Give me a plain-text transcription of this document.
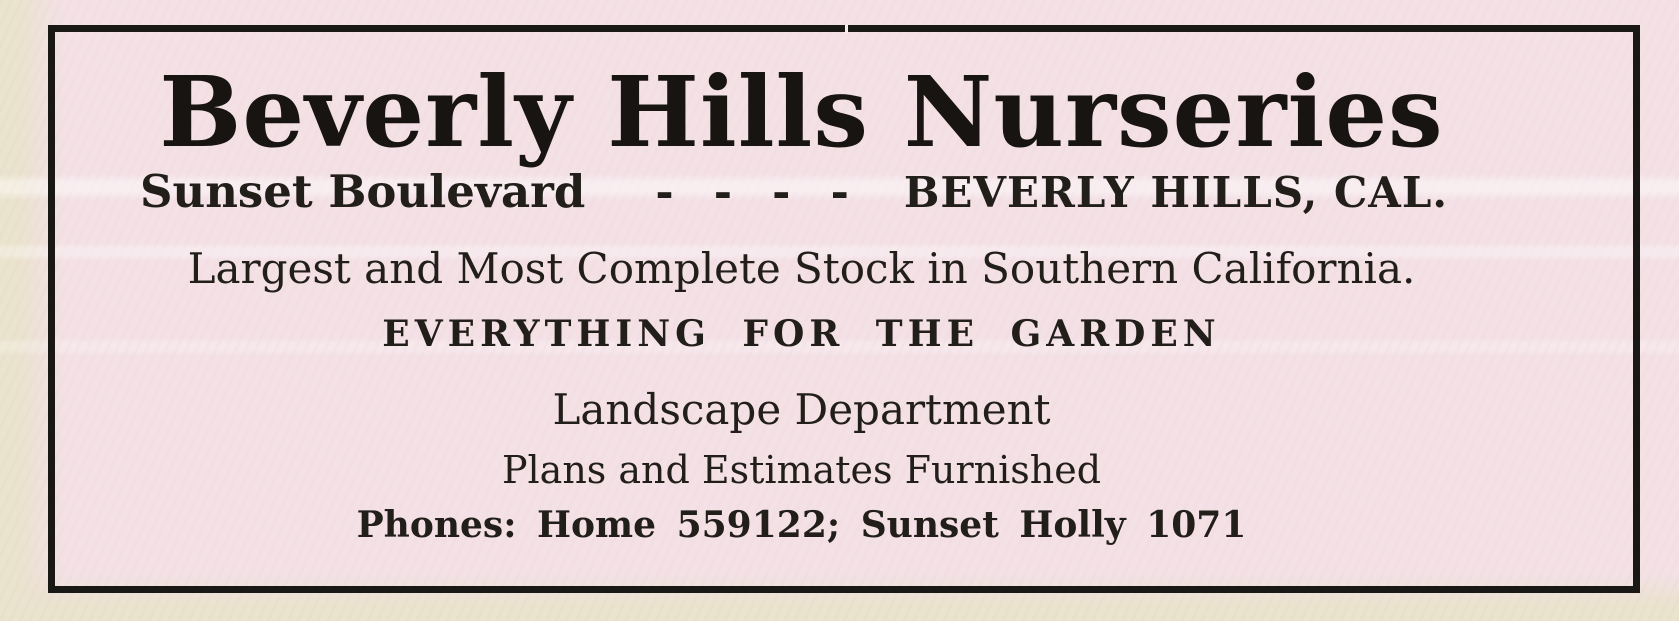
Beverly Hills Nurseries
Sunset Boulevard - - - - BEVERLY HILLS, CAL.
Largest and Most Complete Stock in Southern California.
EVERYTHING FOR THE GARDEN
Landscape Department
Plans and Estimates Furnished
Phones: Home 559122; Sunset Holly 1071
